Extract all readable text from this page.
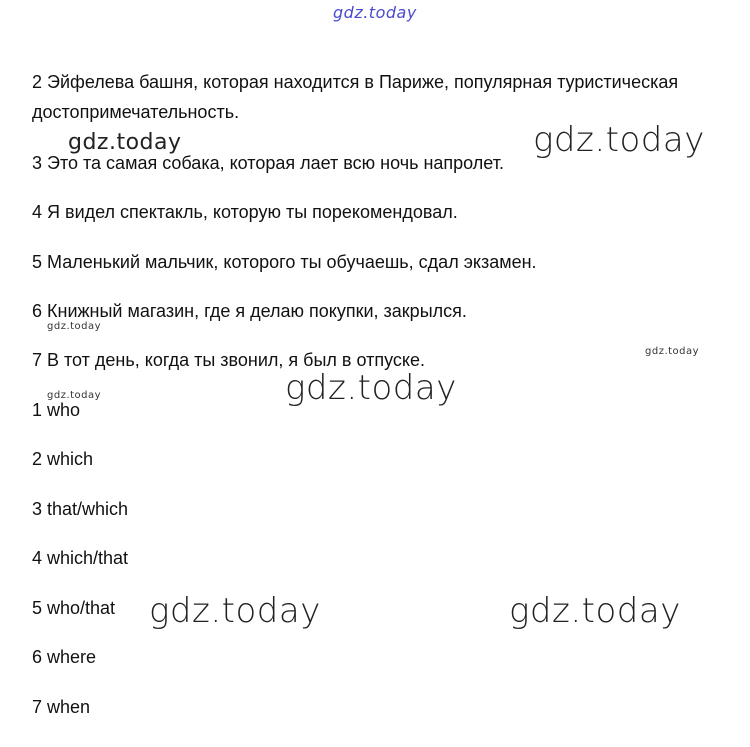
2 Эйфелева башня, которая находится в Париже, популярная туристическая
достопримечательность.
3 Это та самая собака, которая лает всю ночь напролет.
4 Я видел спектакль, которую ты порекомендовал.
5 Маленький мальчик, которого ты обучаешь, сдал экзамен.
6 Книжный магазин, где я делаю покупки, закрылся.
7 В тот день, когда ты звонил, я был в отпуске.
1 who
2 which
3 that/which
4 which/that
5 who/that
6 where
7 when
gdz.today
gdz.today	gdz.today
gdz.today
gdz.today
gdz.today
gdz.today
gdz.today	gdz.today
